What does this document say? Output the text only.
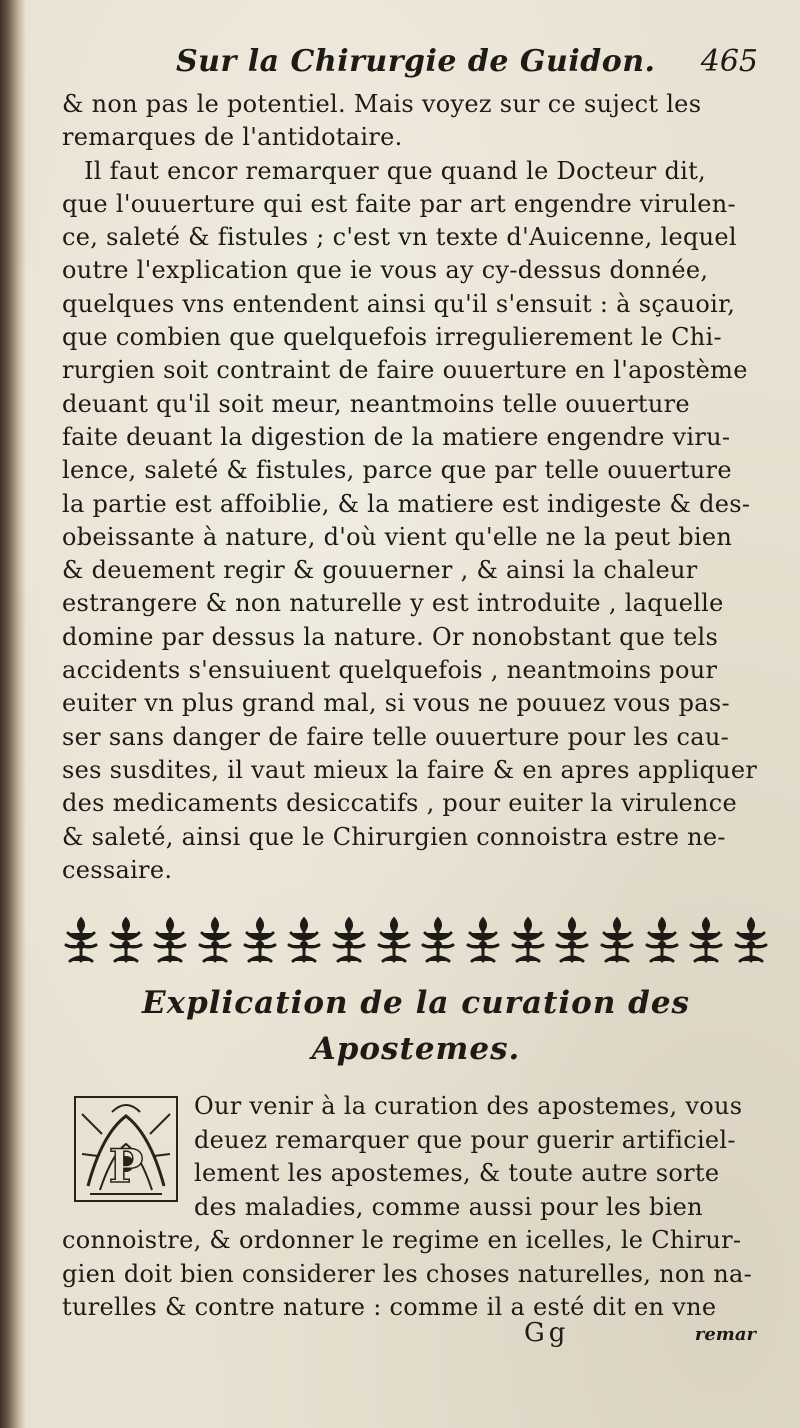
Sur la Chirurgie de Guidon. 465
& non pas le potentiel. Mais voyez sur ce suject les
remarques de l'antidotaire.
Il faut encor remarquer que quand le Docteur dit,
que l'ouuerture qui est faite par art engendre virulen-
ce, saleté & fistules ; c'est vn texte d'Auicenne, lequel
outre l'explication que ie vous ay cy-dessus donnée,
quelques vns entendent ainsi qu'il s'ensuit : à sçauoir,
que combien que quelquefois irregulierement le Chi-
rurgien soit contraint de faire ouuerture en l'apostème
deuant qu'il soit meur, neantmoins telle ouuerture
faite deuant la digestion de la matiere engendre viru-
lence, saleté & fistules, parce que par telle ouuerture
la partie est affoiblie, & la matiere est indigeste & des-
obeissante à nature, d'où vient qu'elle ne la peut bien
& deuement regir & gouuerner , & ainsi la chaleur
estrangere & non naturelle y est introduite , laquelle
domine par dessus la nature. Or nonobstant que tels
accidents s'ensuiuent quelquefois , neantmoins pour
euiter vn plus grand mal, si vous ne pouuez vous pas-
ser sans danger de faire telle ouuerture pour les cau-
ses susdites, il vaut mieux la faire & en apres appliquer
des medicaments desiccatifs , pour euiter la virulence
& saleté, ainsi que le Chirurgien connoistra estre ne-
cessaire.
Explication de la curation des
Apostemes.
P
Our venir à la curation des apostemes, vous
deuez remarquer que pour guerir artificiel-
lement les apostemes, & toute autre sorte
des maladies, comme aussi pour les bien
connoistre, & ordonner le regime en icelles, le Chirur-
gien doit bien considerer les choses naturelles, non na-
turelles & contre nature : comme il a esté dit en vne
Gg	remar
